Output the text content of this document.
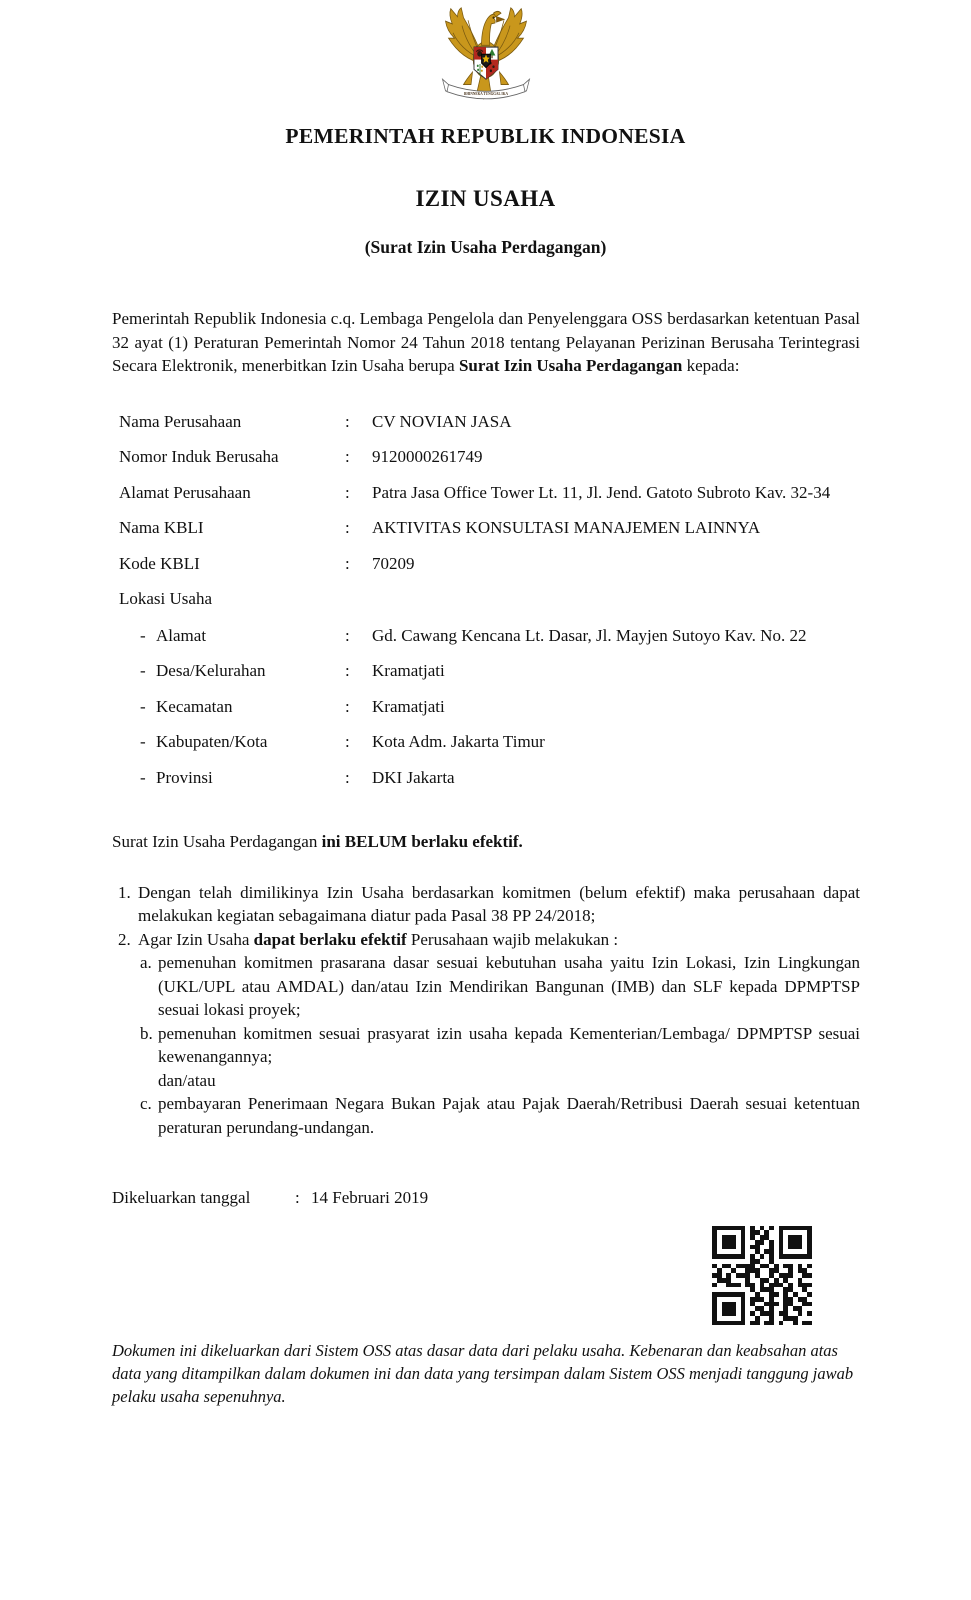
BHINNEKA TUNGGAL IKA
PEMERINTAH REPUBLIK INDONESIA
IZIN USAHA
(Surat Izin Usaha Perdagangan)

Pemerintah Republik Indonesia c.q. Lembaga Pengelola dan Penyelenggara OSS berdasarkan ketentuan Pasal 32 ayat (1) Peraturan Pemerintah Nomor 24 Tahun 2018 tentang Pelayanan Perizinan Berusaha Terintegrasi Secara Elektronik, menerbitkan Izin Usaha berupa Surat Izin Usaha Perdagangan kepada:

Nama Perusahaan	:	CV NOVIAN JASA
Nomor Induk Berusaha	:	9120000261749
Alamat Perusahaan	:	Patra Jasa Office Tower Lt. 11, Jl. Jend. Gatoto Subroto Kav. 32-34
Nama KBLI	:	AKTIVITAS KONSULTASI MANAJEMEN LAINNYA
Kode KBLI	:	70209
Lokasi Usaha
- Alamat	:	Gd. Cawang Kencana Lt. Dasar, Jl. Mayjen Sutoyo Kav. No. 22
- Desa/Kelurahan	:	Kramatjati
- Kecamatan	:	Kramatjati
- Kabupaten/Kota	:	Kota Adm. Jakarta Timur
- Provinsi	:	DKI Jakarta

Surat Izin Usaha Perdagangan ini BELUM berlaku efektif.

1. Dengan telah dimilikinya Izin Usaha berdasarkan komitmen (belum efektif) maka perusahaan dapat melakukan kegiatan sebagaimana diatur pada Pasal 38 PP 24/2018;
2. Agar Izin Usaha dapat berlaku efektif Perusahaan wajib melakukan :
a. pemenuhan komitmen prasarana dasar sesuai kebutuhan usaha yaitu Izin Lokasi, Izin Lingkungan (UKL/UPL atau AMDAL) dan/atau Izin Mendirikan Bangunan (IMB) dan SLF kepada DPMPTSP sesuai lokasi proyek;
b. pemenuhan komitmen sesuai prasyarat izin usaha kepada Kementerian/Lembaga/ DPMPTSP sesuai kewenangannya;
dan/atau
c. pembayaran Penerimaan Negara Bukan Pajak atau Pajak Daerah/Retribusi Daerah sesuai ketentuan peraturan perundang-undangan.
Dikeluarkan tanggal	: 14 Februari 2019

Dokumen ini dikeluarkan dari Sistem OSS atas dasar data dari pelaku usaha. Kebenaran dan keabsahan atas data yang ditampilkan dalam dokumen ini dan data yang tersimpan dalam Sistem OSS menjadi tanggung jawab pelaku usaha sepenuhnya.
